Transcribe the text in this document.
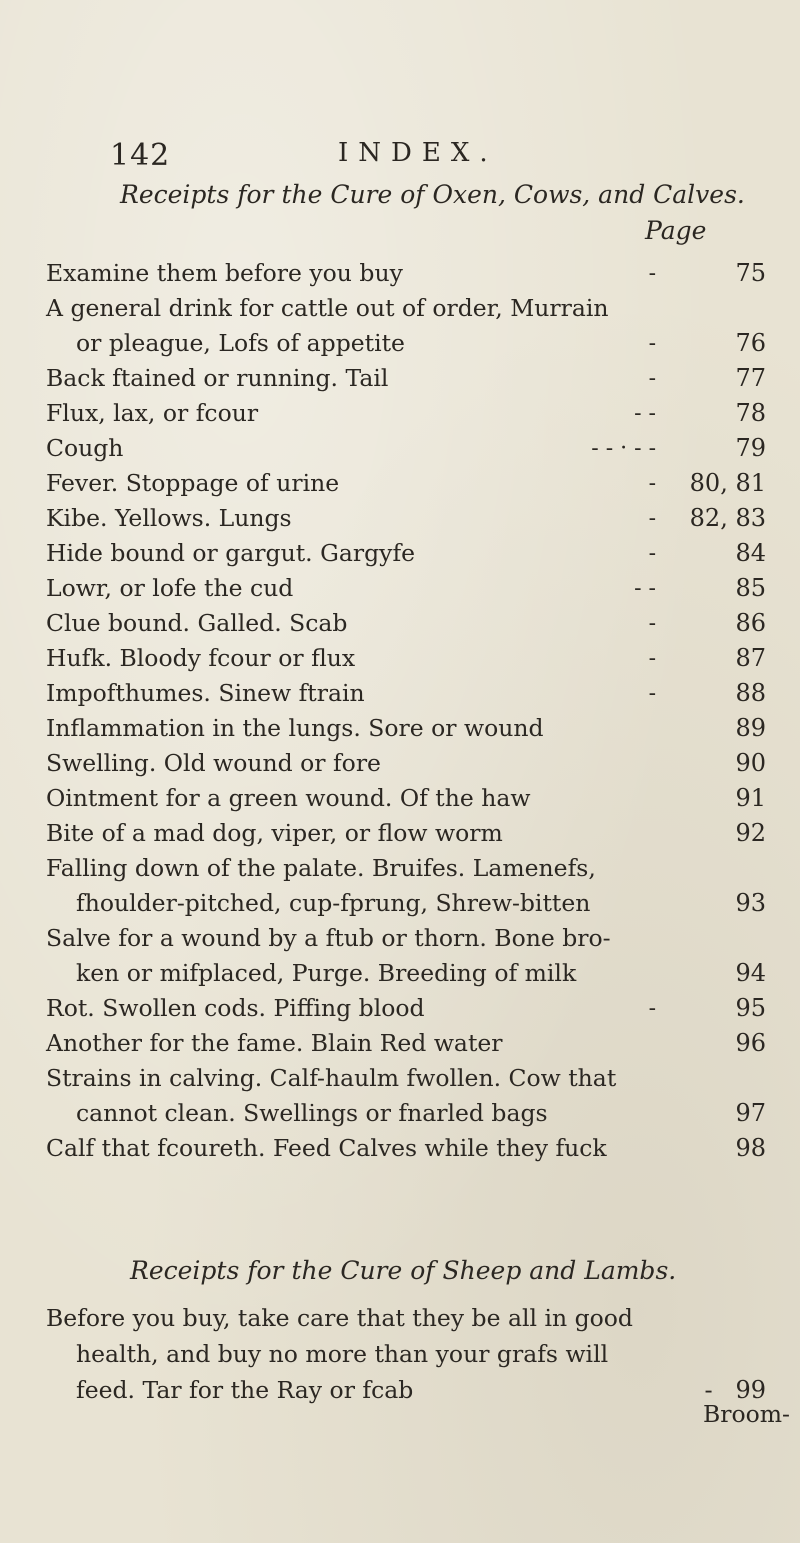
142	INDEX.
Receipts for the Cure of Oxen, Cows, and Calves.
Page
Examine them before you buy	-	75
A general drink for cattle out of order, Murrain
or pleague, Lofs of appetite	-	76
Back ftained or running. Tail	-	77
Flux, lax, or fcour	- -	78
Cough	- - · - -	79
Fever. Stoppage of urine	- 80, 81
Kibe. Yellows. Lungs	- 82, 83
Hide bound or gargut. Gargyfe	-	84
Lowr, or lofe the cud	- -	85
Clue bound. Galled. Scab	-	86
Hufk. Bloody fcour or flux	-	87
Impofthumes. Sinew ftrain	-	88
Inflammation in the lungs. Sore or wound	89
Swelling. Old wound or fore	90
Ointment for a green wound. Of the haw	91
Bite of a mad dog, viper, or flow worm	92
Falling down of the palate. Bruifes. Lamenefs,
fhoulder-pitched, cup-fprung, Shrew-bitten	93
Salve for a wound by a ftub or thorn. Bone bro-
ken or mifplaced, Purge. Breeding of milk	94
Rot. Swollen cods. Piffing blood	-	95
Another for the fame. Blain Red water	96
Strains in calving. Calf-haulm fwollen. Cow that
cannot clean. Swellings or fnarled bags	97
Calf that fcoureth. Feed Calves while they fuck	98
Receipts for the Cure of Sheep and Lambs.
Before you buy, take care that they be all in good
health, and buy no more than your grafs will
feed. Tar for the Ray or fcab	- 99
Broom-
